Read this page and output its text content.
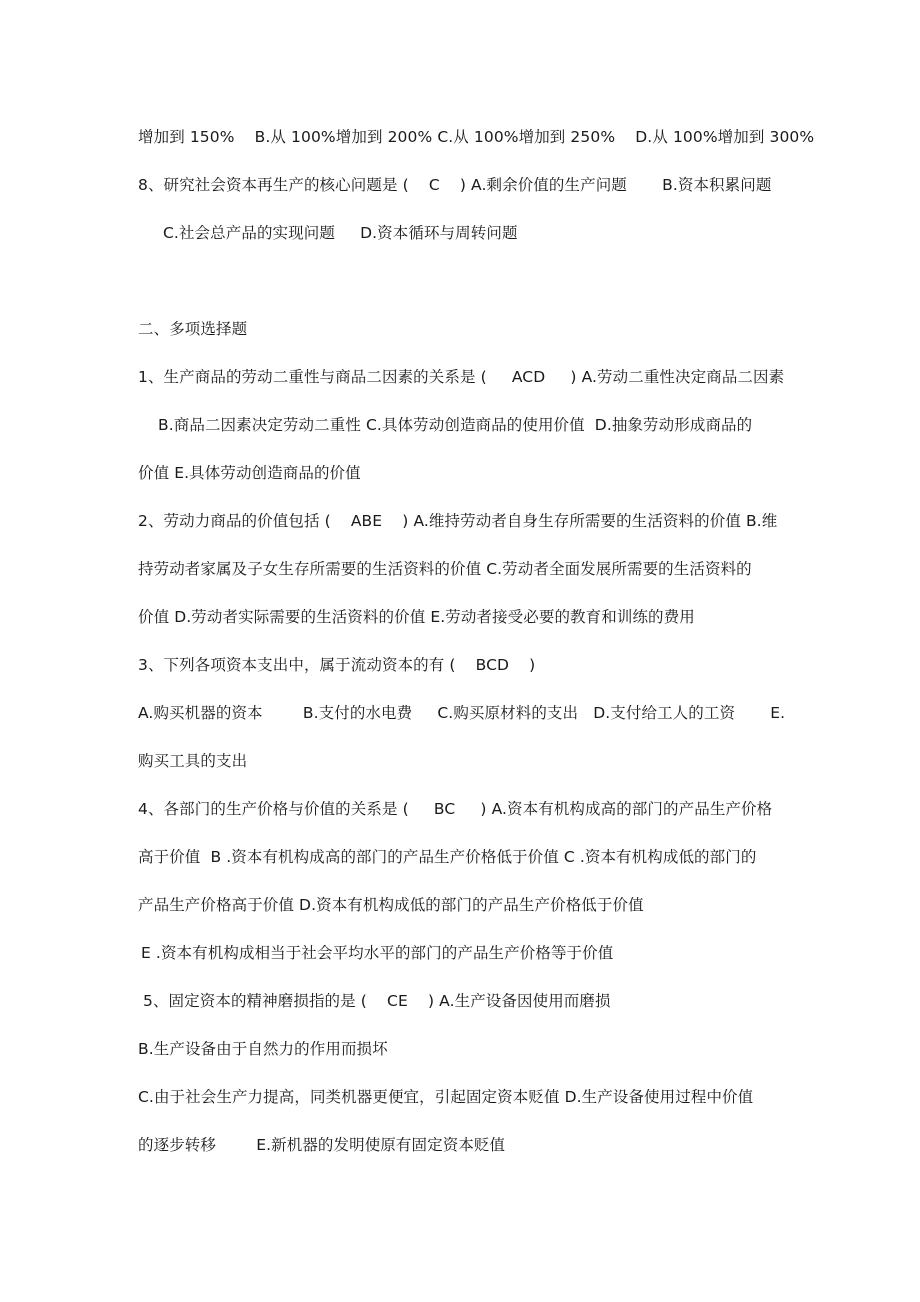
增加到 150%    B.从 100%增加到 200% C.从 100%增加到 250%    D.从 100%增加到 300%
8、研究社会资本再生产的核心问题是 (    C    ) A.剩余价值的生产问题       B.资本积累问题
C.社会总产品的实现问题     D.资本循环与周转问题
二、多项选择题
1、生产商品的劳动二重性与商品二因素的关系是 (     ACD     ) A.劳动二重性决定商品二因素
B.商品二因素决定劳动二重性 C.具体劳动创造商品的使用价值  D.抽象劳动形成商品的
价值 E.具体劳动创造商品的价值
2、劳动力商品的价值包括 (    ABE    ) A.维持劳动者自身生存所需要的生活资料的价值 B.维
持劳动者家属及子女生存所需要的生活资料的价值 C.劳动者全面发展所需要的生活资料的
价值 D.劳动者实际需要的生活资料的价值 E.劳动者接受必要的教育和训练的费用
3、下列各项资本支出中，属于流动资本的有 (    BCD    )
A.购买机器的资本        B.支付的水电费     C.购买原材料的支出   D.支付给工人的工资       E.
购买工具的支出
4、各部门的生产价格与价值的关系是 (     BC     ) A.资本有机构成高的部门的产品生产价格
高于价值  B .资本有机构成高的部门的产品生产价格低于价值 C .资本有机构成低的部门的
产品生产价格高于价值 D.资本有机构成低的部门的产品生产价格低于价值
E .资本有机构成相当于社会平均水平的部门的产品生产价格等于价值
5、固定资本的精神磨损指的是 (    CE    ) A.生产设备因使用而磨损
B.生产设备由于自然力的作用而损坏
C.由于社会生产力提高，同类机器更便宜，引起固定资本贬值 D.生产设备使用过程中价值
的逐步转移        E.新机器的发明使原有固定资本贬值
